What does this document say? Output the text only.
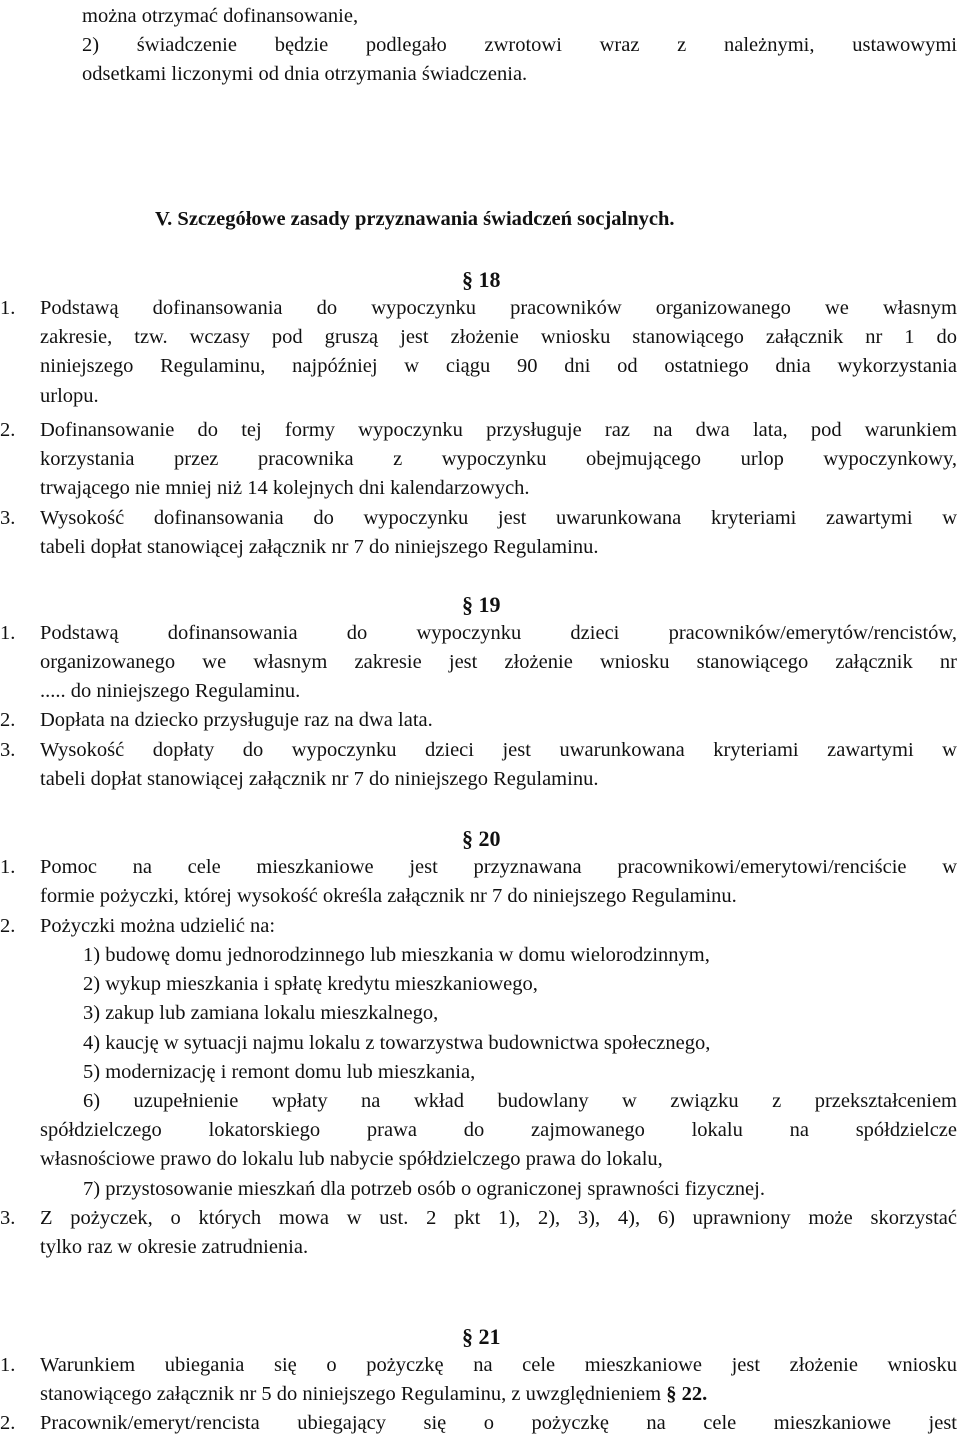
można otrzymać dofinansowanie,
2) świadczenie będzie podlegało zwrotowi wraz z należnymi, ustawowymi
odsetkami liczonymi od dnia otrzymania świadczenia.
V. Szczegółowe zasady przyznawania świadczeń socjalnych.
§ 18
1. Podstawą dofinansowania do wypoczynku pracowników organizowanego we własnym
zakresie, tzw. wczasy pod gruszą jest złożenie wniosku stanowiącego załącznik nr 1 do
niniejszego Regulaminu, najpóźniej w ciągu 90 dni od ostatniego dnia wykorzystania
urlopu.
2. Dofinansowanie do tej formy wypoczynku przysługuje raz na dwa lata, pod warunkiem
korzystania przez pracownika z wypoczynku obejmującego urlop wypoczynkowy,
trwającego nie mniej niż 14 kolejnych dni kalendarzowych.
3. Wysokość dofinansowania do wypoczynku jest uwarunkowana kryteriami zawartymi w
tabeli dopłat stanowiącej załącznik nr 7 do niniejszego Regulaminu.
§ 19
1. Podstawą dofinansowania do wypoczynku dzieci pracowników/emerytów/rencistów,
organizowanego we własnym zakresie jest złożenie wniosku stanowiącego załącznik nr
..... do niniejszego Regulaminu.
2. Dopłata na dziecko przysługuje raz na dwa lata.
3. Wysokość dopłaty do wypoczynku dzieci jest uwarunkowana kryteriami zawartymi w
tabeli dopłat stanowiącej załącznik nr 7 do niniejszego Regulaminu.
§ 20
1. Pomoc na cele mieszkaniowe jest przyznawana pracownikowi/emerytowi/renciście w
formie pożyczki, której wysokość określa załącznik nr 7 do niniejszego Regulaminu.
2. Pożyczki można udzielić na:
1) budowę domu jednorodzinnego lub mieszkania w domu wielorodzinnym,
2) wykup mieszkania i spłatę kredytu mieszkaniowego,
3) zakup lub zamiana lokalu mieszkalnego,
4) kaucję w sytuacji najmu lokalu z towarzystwa budownictwa społecznego,
5) modernizację i remont domu lub mieszkania,
6) uzupełnienie wpłaty na wkład budowlany w związku z przekształceniem
spółdzielczego lokatorskiego prawa do zajmowanego lokalu na spółdzielcze
własnościowe prawo do lokalu lub nabycie spółdzielczego prawa do lokalu,
7) przystosowanie mieszkań dla potrzeb osób o ograniczonej sprawności fizycznej.
3. Z pożyczek, o których mowa w ust. 2 pkt 1), 2), 3), 4), 6) uprawniony może skorzystać
tylko raz w okresie zatrudnienia.
§ 21
1. Warunkiem ubiegania się o pożyczkę na cele mieszkaniowe jest złożenie wniosku
stanowiącego załącznik nr 5 do niniejszego Regulaminu, z uwzględnieniem § 22.
2. Pracownik/emeryt/rencista ubiegający się o pożyczkę na cele mieszkaniowe jest
